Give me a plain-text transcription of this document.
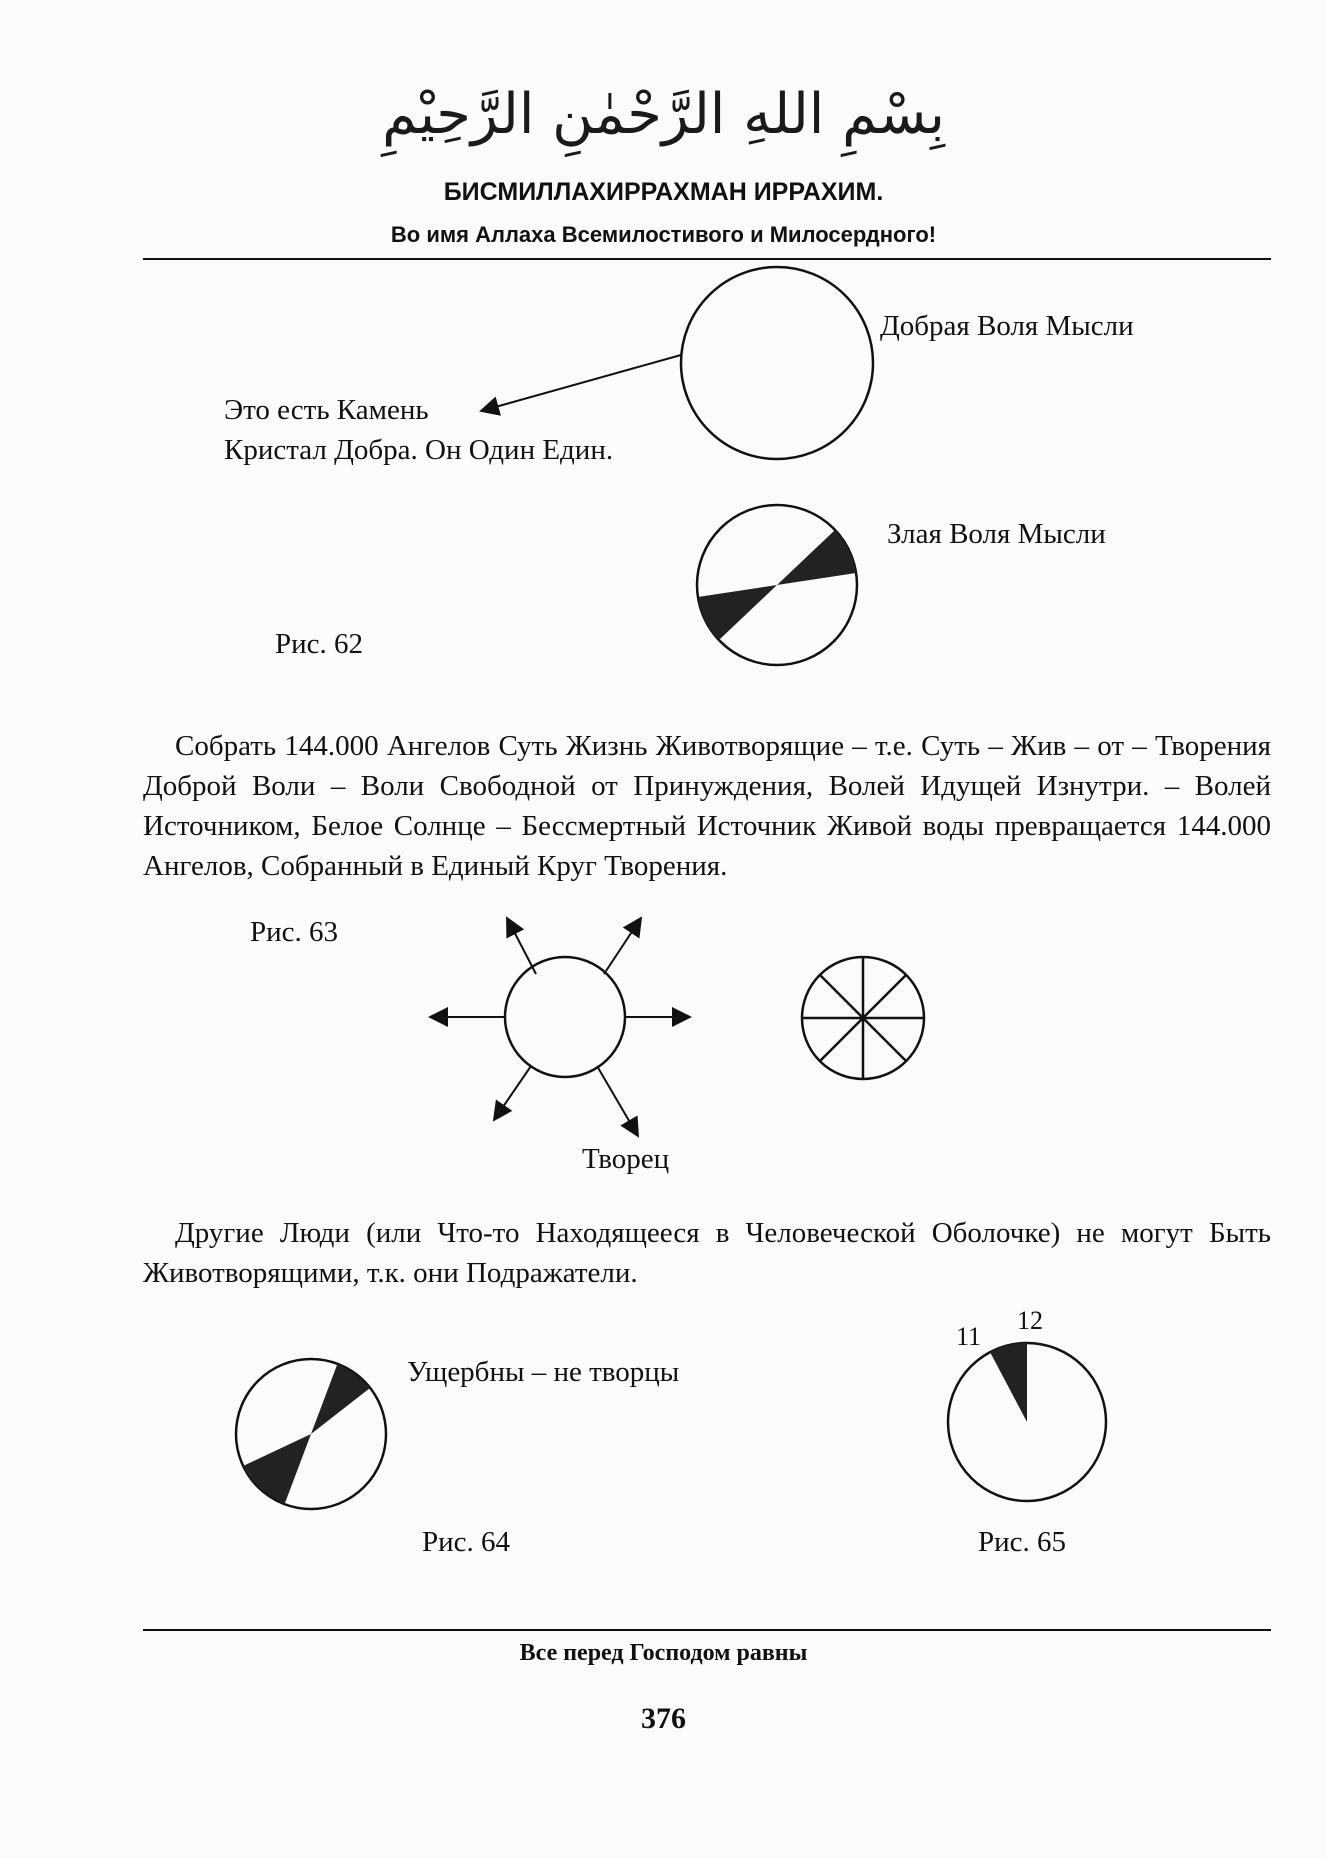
بِسْمِ اللهِ الرَّحْمٰنِ الرَّحِيْمِ
БИСМИЛЛАХИРРАХМАН ИРРАХИМ.
Во имя Аллаха Всемилостивого и Милосердного!
Добрая Воля Мысли
Это есть Камень
Кристал Добра. Он Один Един.
Злая Воля Мысли
Рис. 62
Собрать 144.000 Ангелов Суть Жизнь Животворящие – т.е. Суть – Жив – от – Творения Доброй Воли – Воли Свободной от Принуждения, Волей Идущей Изнутри. – Волей Источником, Белое Солнце – Бессмертный Источник Живой воды превращается 144.000 Ангелов, Собранный в Единый Круг Творения.
Рис. 63
Творец
Другие Люди (или Что-то Находящееся в Человеческой Оболочке) не могут Быть Животворящими, т.к. они Подражатели.
Ущербны – не творцы
Рис. 64
11
12
Рис. 65
Все перед Господом равны
376
